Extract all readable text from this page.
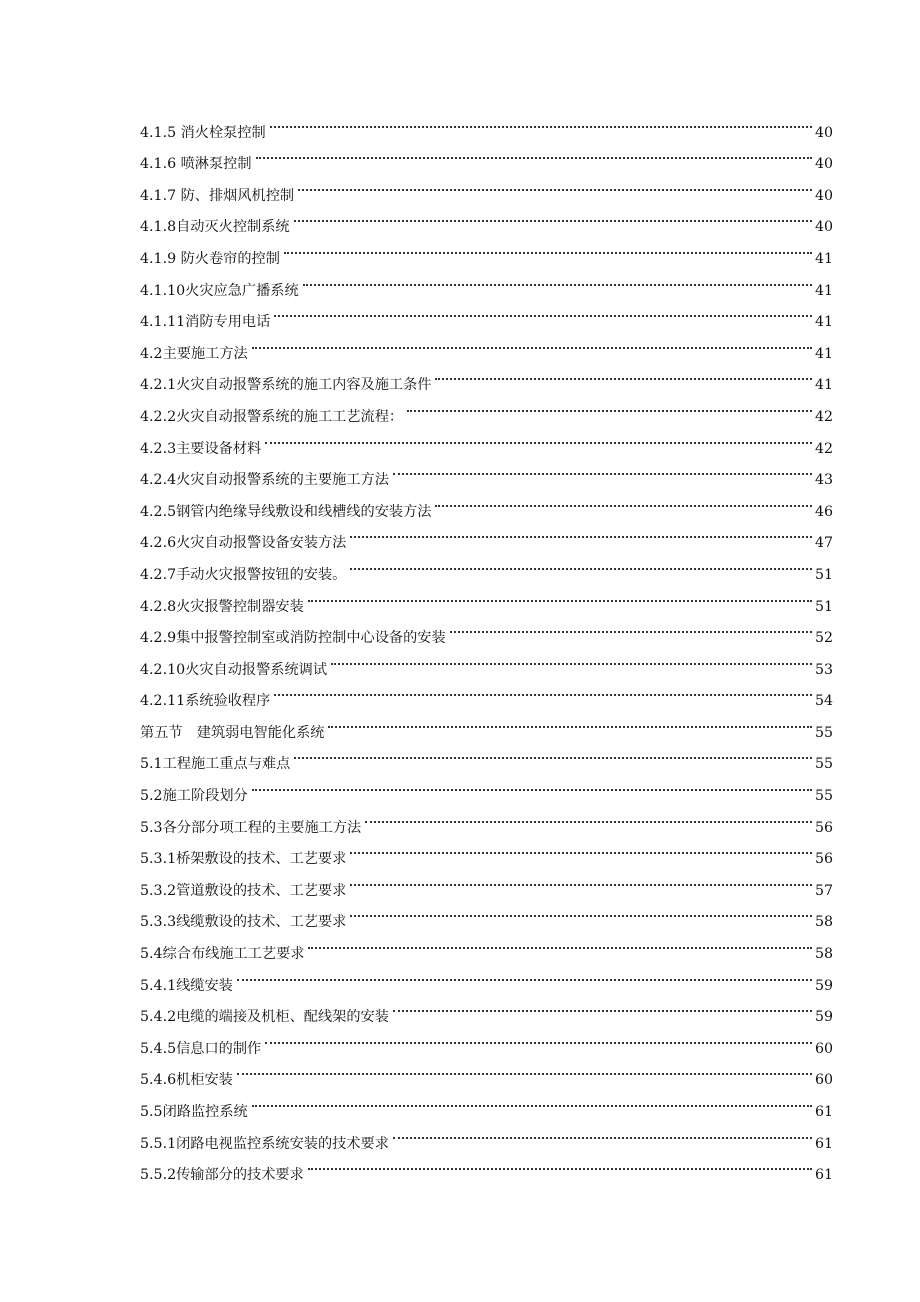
4.1.5 消火栓泵控制	40
4.1.6 喷淋泵控制	40
4.1.7 防、排烟风机控制	40
4.1.8自动灭火控制系统	40
4.1.9 防火卷帘的控制	41
4.1.10火灾应急广播系统	41
4.1.11消防专用电话	41
4.2主要施工方法	41
4.2.1火灾自动报警系统的施工内容及施工条件	41
4.2.2火灾自动报警系统的施工工艺流程：	42
4.2.3主要设备材料	42
4.2.4火灾自动报警系统的主要施工方法	43
4.2.5钢管内绝缘导线敷设和线槽线的安装方法	46
4.2.6火灾自动报警设备安装方法	47
4.2.7手动火灾报警按钮的安装。	51
4.2.8火灾报警控制器安装	51
4.2.9集中报警控制室或消防控制中心设备的安装	52
4.2.10火灾自动报警系统调试	53
4.2.11系统验收程序	54
第五节　建筑弱电智能化系统	55
5.1工程施工重点与难点	55
5.2施工阶段划分	55
5.3各分部分项工程的主要施工方法	56
5.3.1桥架敷设的技术、工艺要求	56
5.3.2管道敷设的技术、工艺要求	57
5.3.3线缆敷设的技术、工艺要求	58
5.4综合布线施工工艺要求	58
5.4.1线缆安装	59
5.4.2电缆的端接及机柜、配线架的安装	59
5.4.5信息口的制作	60
5.4.6机柜安装	60
5.5闭路监控系统	61
5.5.1闭路电视监控系统安装的技术要求	61
5.5.2传输部分的技术要求	61
